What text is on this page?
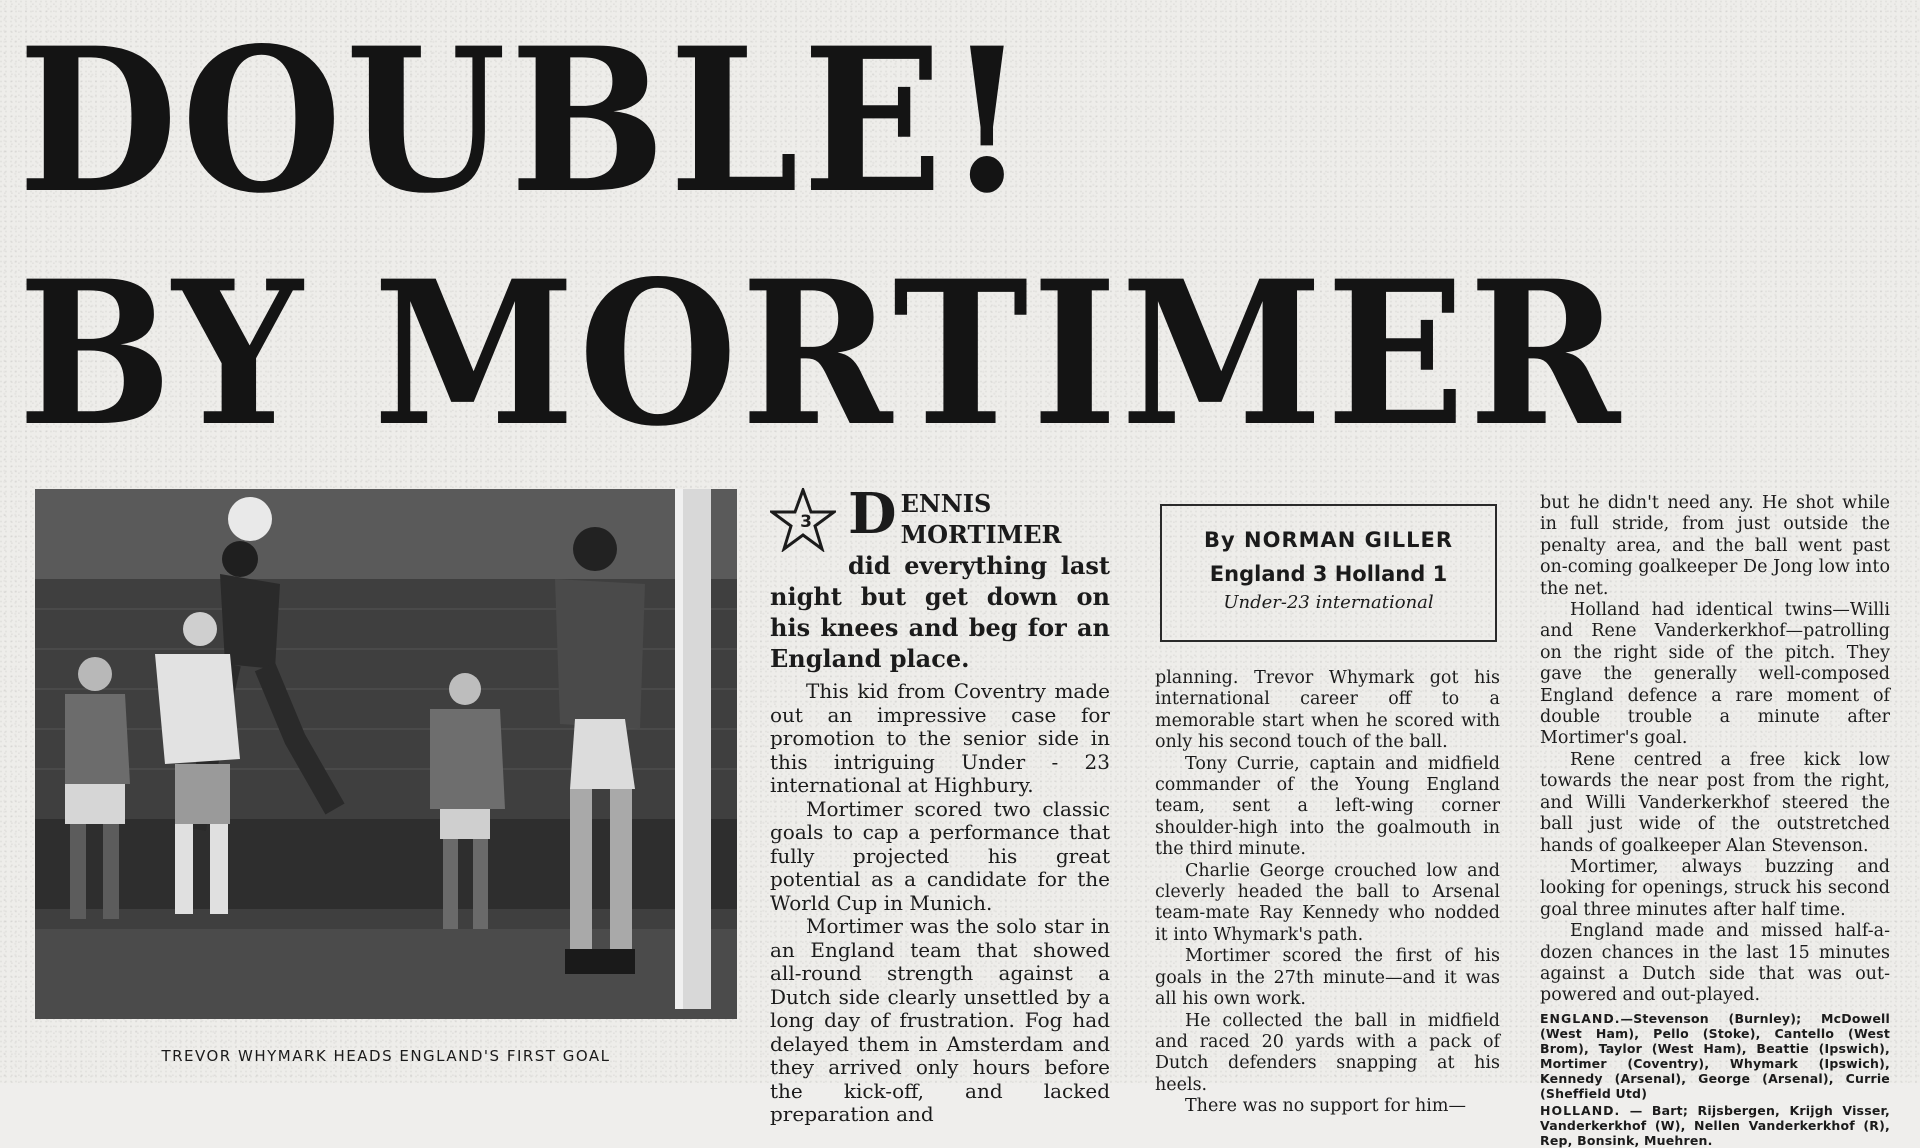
DOUBLE!
BY MORTIMER
TREVOR WHYMARK HEADS ENGLAND'S FIRST GOAL
3 D ENNIS MORTIMER did everything last night but get down on his knees and beg for an England place.

This kid from Coventry made out an impressive case for promotion to the senior side in this intriguing Under - 23 international at Highbury.

Mortimer scored two classic goals to cap a performance that fully projected his great potential as a candidate for the World Cup in Munich.

Mortimer was the solo star in an England team that showed all-round strength against a Dutch side clearly unsettled by a long day of frustration. Fog had delayed them in Amsterdam and they arrived only hours before the kick-off, and lacked preparation and

By NORMAN GILLER
England 3 Holland 1
Under-23 international

planning. Trevor Whymark got his international career off to a memorable start when he scored with only his second touch of the ball.

Tony Currie, captain and midfield commander of the Young England team, sent a left-wing corner shoulder-high into the goalmouth in the third minute.

Charlie George crouched low and cleverly headed the ball to Arsenal team-mate Ray Kennedy who nodded it into Whymark's path.

Mortimer scored the first of his goals in the 27th minute—and it was all his own work.

He collected the ball in midfield and raced 20 yards with a pack of Dutch defenders snapping at his heels.

There was no support for him—

but he didn't need any. He shot while in full stride, from just outside the penalty area, and the ball went past on-coming goalkeeper De Jong low into the net.

Holland had identical twins—Willi and Rene Vanderkerkhof—patrolling on the right side of the pitch. They gave the generally well-composed England defence a rare moment of double trouble a minute after Mortimer's goal.

Rene centred a free kick low towards the near post from the right, and Willi Vanderkerkhof steered the ball just wide of the outstretched hands of goalkeeper Alan Stevenson.

Mortimer, always buzzing and looking for openings, struck his second goal three minutes after half time.

England made and missed half-a-dozen chances in the last 15 minutes against a Dutch side that was out-powered and out-played.

ENGLAND.—Stevenson (Burnley); McDowell (West Ham), Pello (Stoke), Cantello (West Brom), Taylor (West Ham), Beattie (Ipswich), Mortimer (Coventry), Whymark (Ipswich), Kennedy (Arsenal), George (Arsenal), Currie (Sheffield Utd)
HOLLAND. — Bart; Rijsbergen, Krijgh Visser, Vanderkerkhof (W), Nellen Vanderkerkhof (R), Rep, Bonsink, Muehren.
